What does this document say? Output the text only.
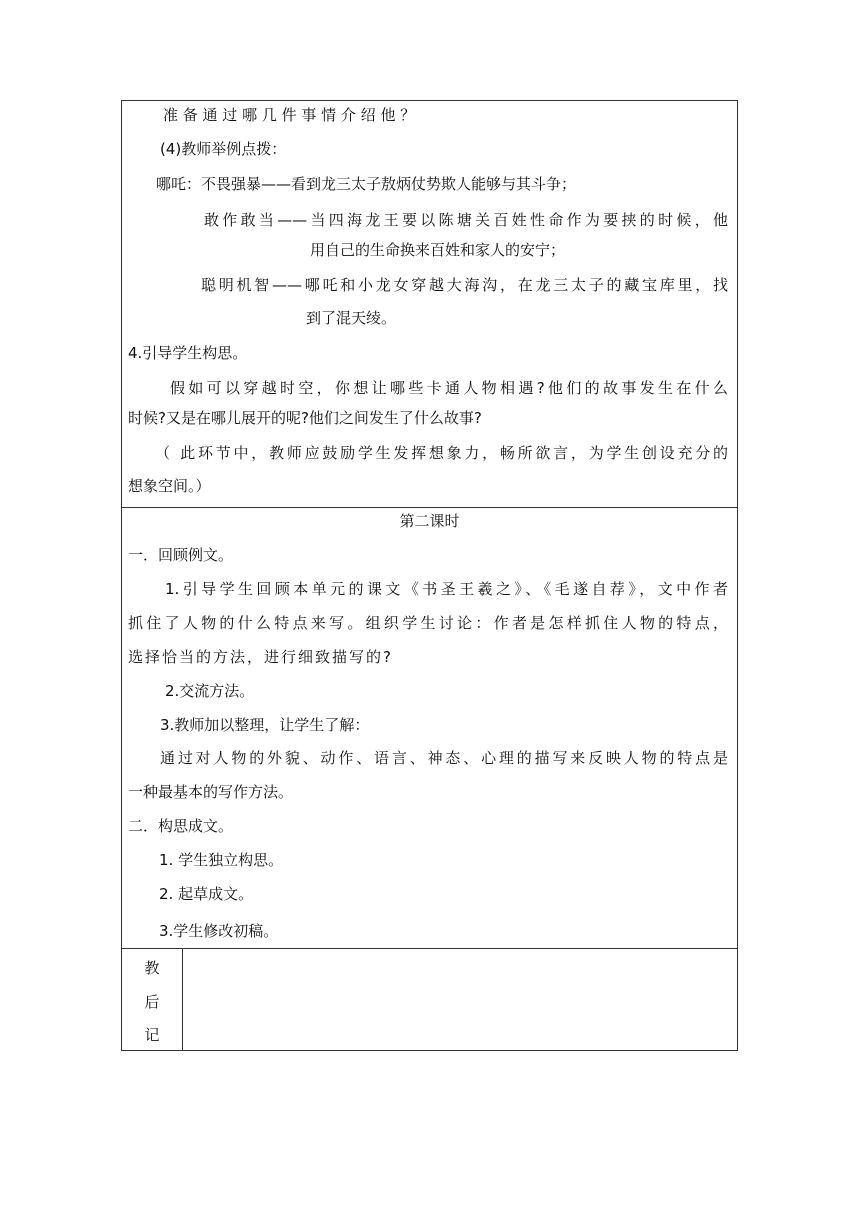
准 备 通 过 哪 几 件 事 情 介 绍 他 ？
(4)教师举例点拨：
哪吒：不畏强暴——看到龙三太子敖炳仗势欺人能够与其斗争；
敢作敢当——当四海龙王要以陈塘关百姓性命作为要挟的时候，他
用自己的生命换来百姓和家人的安宁；
聪明机智——哪吒和小龙女穿越大海沟，在龙三太子的藏宝库里，找
到了混天绫。
4.引导学生构思。
假如可以穿越时空，你想让哪些卡通人物相遇?他们的故事发生在什么
时候?又是在哪儿展开的呢?他们之间发生了什么故事?
（ 此环节中，教师应鼓励学生发挥想象力，畅所欲言，为学生创设充分的
想象空间。）
第二课时
一．回顾例文。
1.引导学生回顾本单元的课文《书圣王羲之》、《毛遂自荐》，文中作者
抓住了人物的什么特点来写。组织学生讨论：作者是怎样抓住人物的特点，
选择恰当的方法，进行细致描写的?
2.交流方法。
3.教师加以整理，让学生了解：
通过对人物的外貌、动作、语言、神态、心理的描写来反映人物的特点是
一种最基本的写作方法。
二．构思成文。
1. 学生独立构思。
2. 起草成文。
3.学生修改初稿。
教
后
记
